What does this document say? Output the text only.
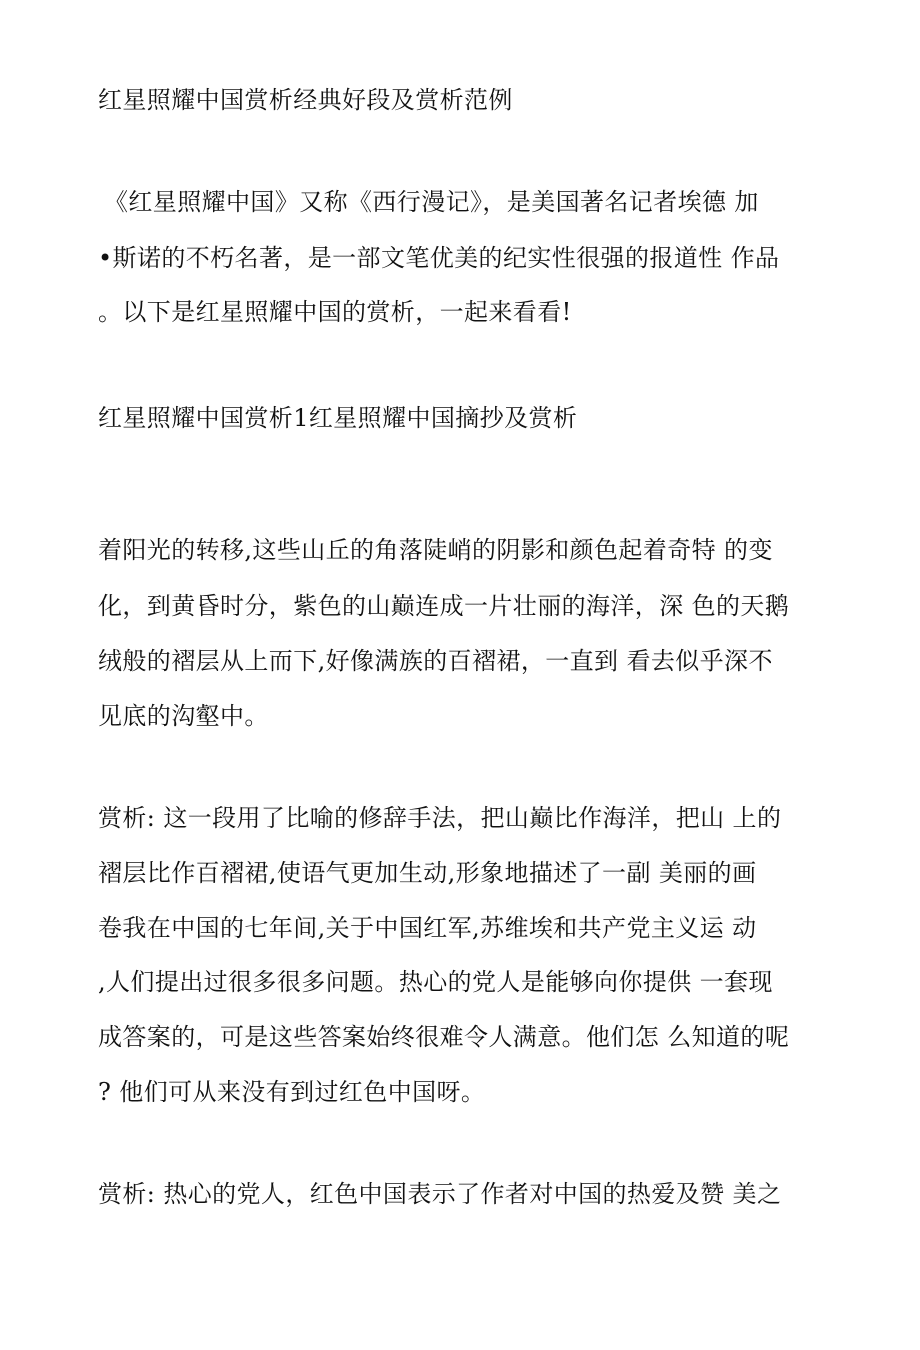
红星照耀中国赏析经典好段及赏析范例
《红星照耀中国》又称《西行漫记》，是美国著名记者埃德 加
•斯诺的不朽名著，是一部文笔优美的纪实性很强的报道性 作品
。以下是红星照耀中国的赏析，一起来看看!
红星照耀中国赏析1红星照耀中国摘抄及赏析
着阳光的转移,这些山丘的角落陡峭的阴影和颜色起着奇特 的变
化，到黄昏时分，紫色的山巅连成一片壮丽的海洋，深 色的天鹅
绒般的褶层从上而下,好像满族的百褶裙，一直到 看去似乎深不
见底的沟壑中。
赏析: 这一段用了比喻的修辞手法，把山巅比作海洋，把山 上的
褶层比作百褶裙,使语气更加生动,形象地描述了一副 美丽的画
卷我在中国的七年间,关于中国红军,苏维埃和共产党主义运 动
,人们提出过很多很多问题。热心的党人是能够向你提供 一套现
成答案的，可是这些答案始终很难令人满意。他们怎 么知道的呢
? 他们可从来没有到过红色中国呀。
赏析: 热心的党人，红色中国表示了作者对中国的热爱及赞 美之
